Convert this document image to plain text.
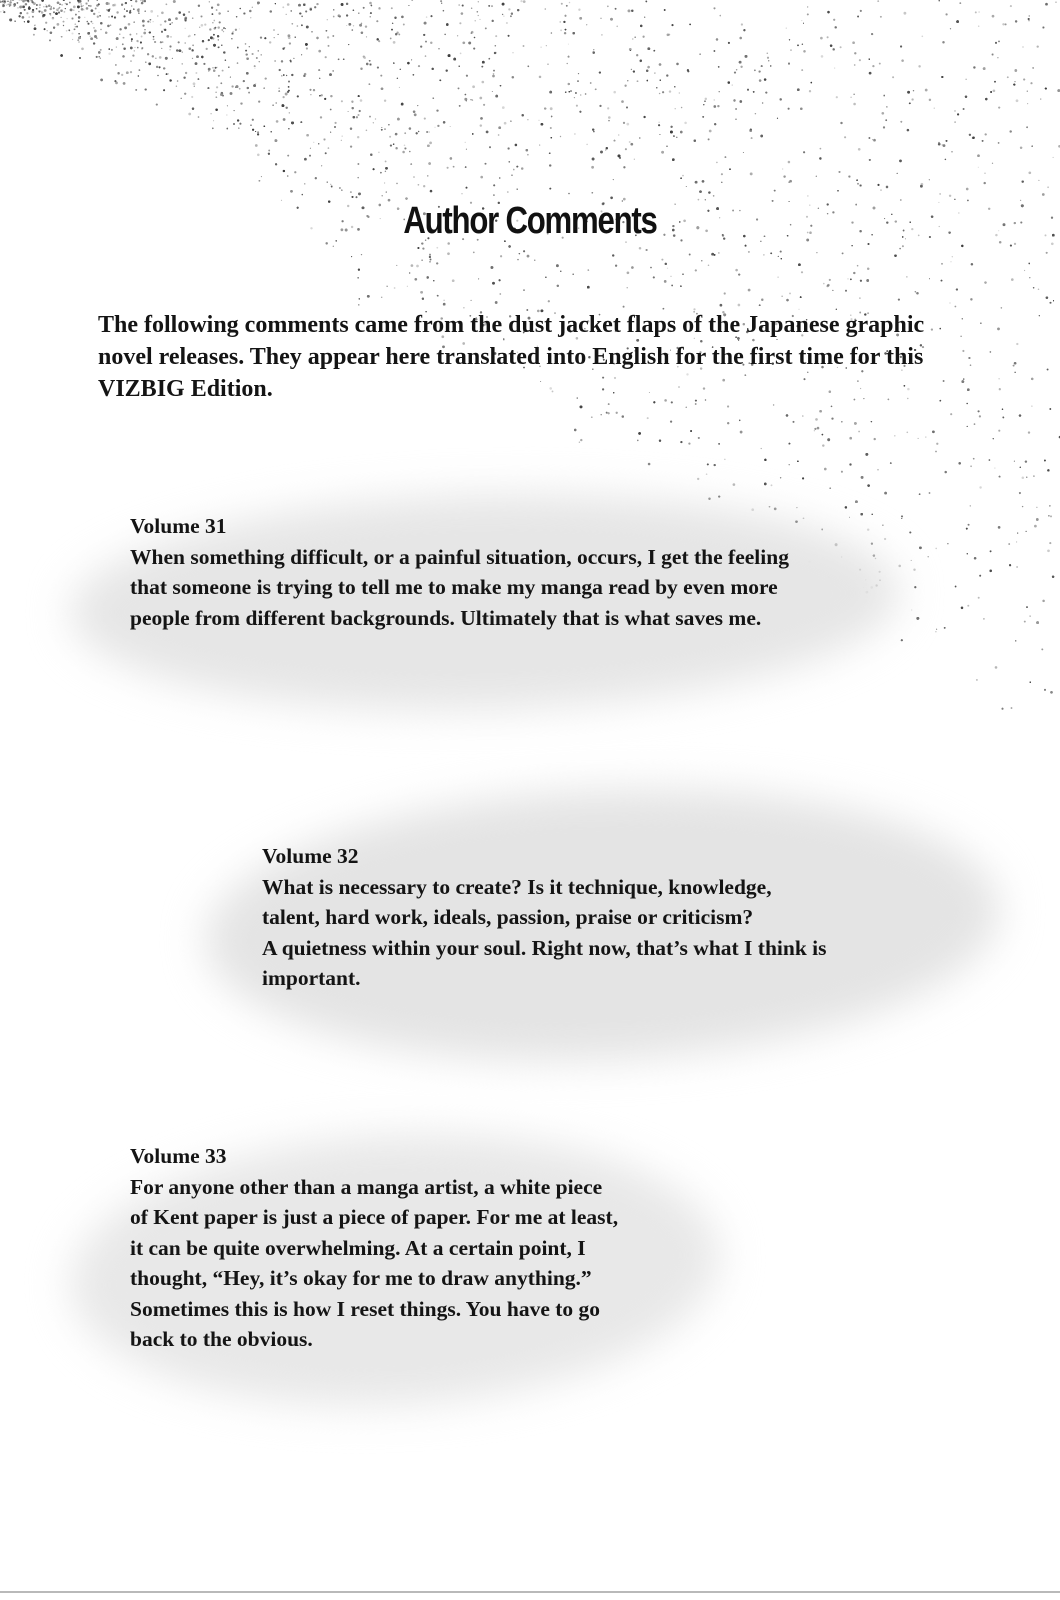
Author Comments
The following comments came from the dust jacket flaps of the Japanese graphic novel releases. They appear here translated into English for the first time for this VIZBIG Edition.
Volume 31
When something difficult, or a painful situation, occurs, I get the feeling
that someone is trying to tell me to make my manga read by even more
people from different backgrounds. Ultimately that is what saves me.
Volume 32
What is necessary to create? Is it technique, knowledge,
talent, hard work, ideals, passion, praise or criticism?
A quietness within your soul. Right now, that’s what I think is
important.
Volume 33
For anyone other than a manga artist, a white piece
of Kent paper is just a piece of paper. For me at least,
it can be quite overwhelming. At a certain point, I
thought, “Hey, it’s okay for me to draw anything.”
Sometimes this is how I reset things. You have to go
back to the obvious.
